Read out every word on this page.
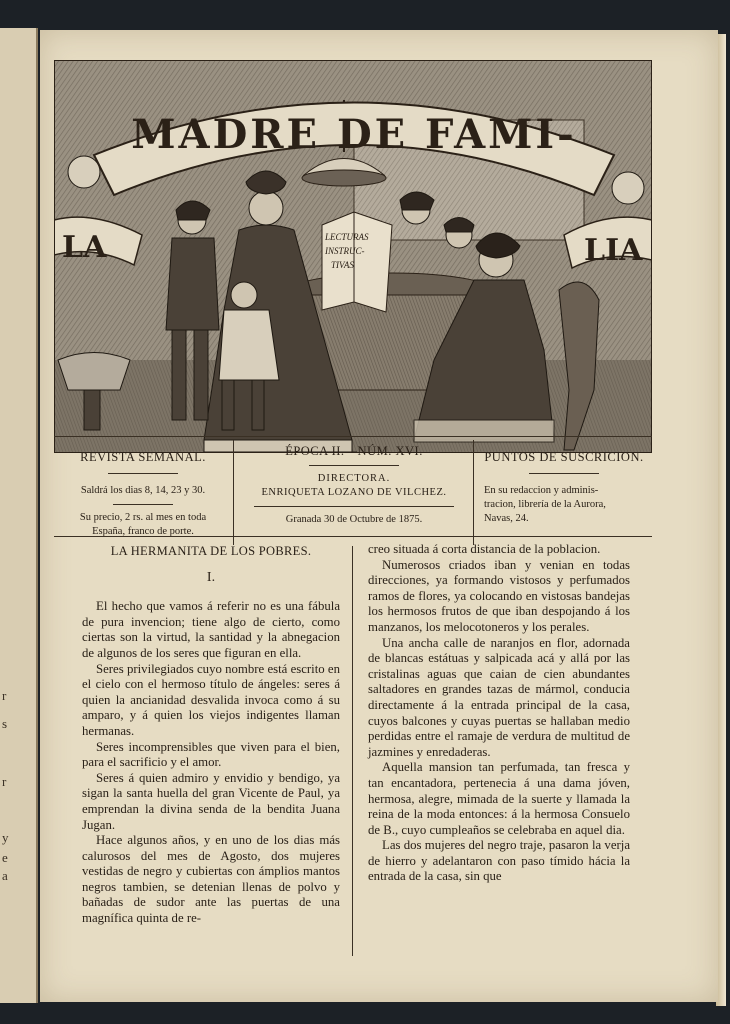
r
s
r
y
e
a
LECTURAS
INSTRUC-
TIVAS
MADRE DE FAMI-
LA	LIA
REVISTA SEMANAL.
Saldrá los dias 8, 14, 23 y 30.
Su precio, 2 rs. al mes en toda
España, franco de porte.
ÉPOCA II.—NÚM. XVI.
DIRECTORA.
ENRIQUETA LOZANO DE VILCHEZ.
Granada 30 de Octubre de 1875.
PUNTOS DE SUSCRICION.
En su redaccion y adminis-
tracion, librería de la Aurora,
Navas, 24.
LA HERMANITA DE LOS POBRES.
I.

El hecho que vamos á referir no es una fábula de pura invencion; tiene algo de cierto, como ciertas son la virtud, la santidad y la abnegacion de algunos de los seres que figuran en ella.

Seres privilegiados cuyo nombre está escrito en el cielo con el hermoso título de ángeles: seres á quien la ancianidad desvalida invoca como á su amparo, y á quien los viejos indigentes llaman hermanas.

Seres incomprensibles que viven para el bien, para el sacrificio y el amor.

Seres á quien admiro y envidio y bendigo, ya sigan la santa huella del gran Vicente de Paul, ya emprendan la divina senda de la bendita Juana Jugan.

Hace algunos años, y en uno de los dias más calurosos del mes de Agosto, dos mujeres vestidas de negro y cubiertas con ámplios mantos negros tambien, se detenian llenas de polvo y bañadas de sudor ante las puertas de una magnífica quinta de re-

creo situada á corta distancia de la poblacion.

Numerosos criados iban y venian en todas direcciones, ya formando vistosos y perfumados ramos de flores, ya colocando en vistosas bandejas los hermosos frutos de que iban despojando á los manzanos, los melocotoneros y los perales.

Una ancha calle de naranjos en flor, adornada de blancas estátuas y salpicada acá y allá por las cristalinas aguas que caian de cien abundantes saltadores en grandes tazas de mármol, conducia directamente á la entrada principal de la casa, cuyos balcones y cuyas puertas se hallaban medio perdidas entre el ramaje de verdura de multitud de jazmines y enredaderas.

Aquella mansion tan perfumada, tan fresca y tan encantadora, pertenecia á una dama jóven, hermosa, alegre, mimada de la suerte y llamada la reina de la moda entonces: á la hermosa Consuelo de B., cuyo cumpleaños se celebraba en aquel dia.

Las dos mujeres del negro traje, pasaron la verja de hierro y adelantaron con paso tímido hácia la entrada de la casa, sin que
